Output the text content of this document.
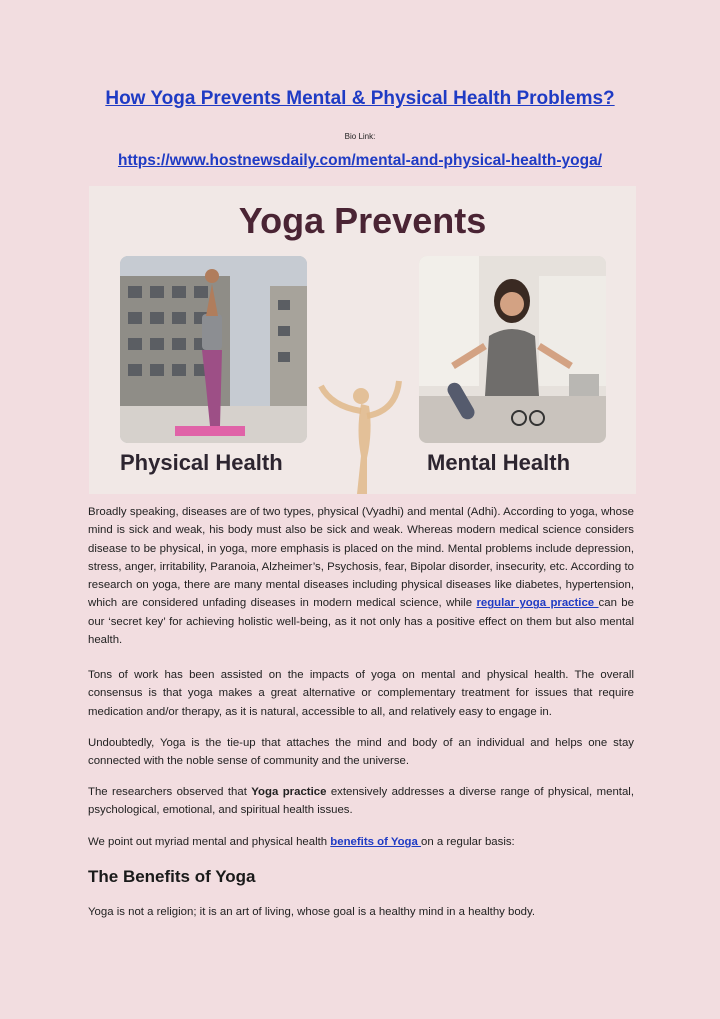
How Yoga Prevents Mental & Physical Health Problems?
Bio Link:
https://www.hostnewsdaily.com/mental-and-physical-health-yoga/
Yoga Prevents
Physical Health	Mental Health
Broadly speaking, diseases are of two types, physical (Vyadhi) and mental (Adhi). According to yoga, whose mind is sick and weak, his body must also be sick and weak. Whereas modern medical science considers disease to be physical, in yoga, more emphasis is placed on the mind. Mental problems include depression, stress, anger, irritability, Paranoia, Alzheimer’s, Psychosis, fear, Bipolar disorder, insecurity, etc. According to research on yoga, there are many mental diseases including physical diseases like diabetes, hypertension, which are considered unfading diseases in modern medical science, while regular yoga practice can be our ‘secret key’ for achieving holistic well-being, as it not only has a positive effect on them but also mental health.
Tons of work has been assisted on the impacts of yoga on mental and physical health. The overall consensus is that yoga makes a great alternative or complementary treatment for issues that require medication and/or therapy, as it is natural, accessible to all, and relatively easy to engage in.
Undoubtedly, Yoga is the tie-up that attaches the mind and body of an individual and helps one stay connected with the noble sense of community and the universe.
The researchers observed that Yoga practice extensively addresses a diverse range of physical, mental, psychological, emotional, and spiritual health issues.
We point out myriad mental and physical health benefits of Yoga on a regular basis:
The Benefits of Yoga
Yoga is not a religion; it is an art of living, whose goal is a healthy mind in a healthy body.
